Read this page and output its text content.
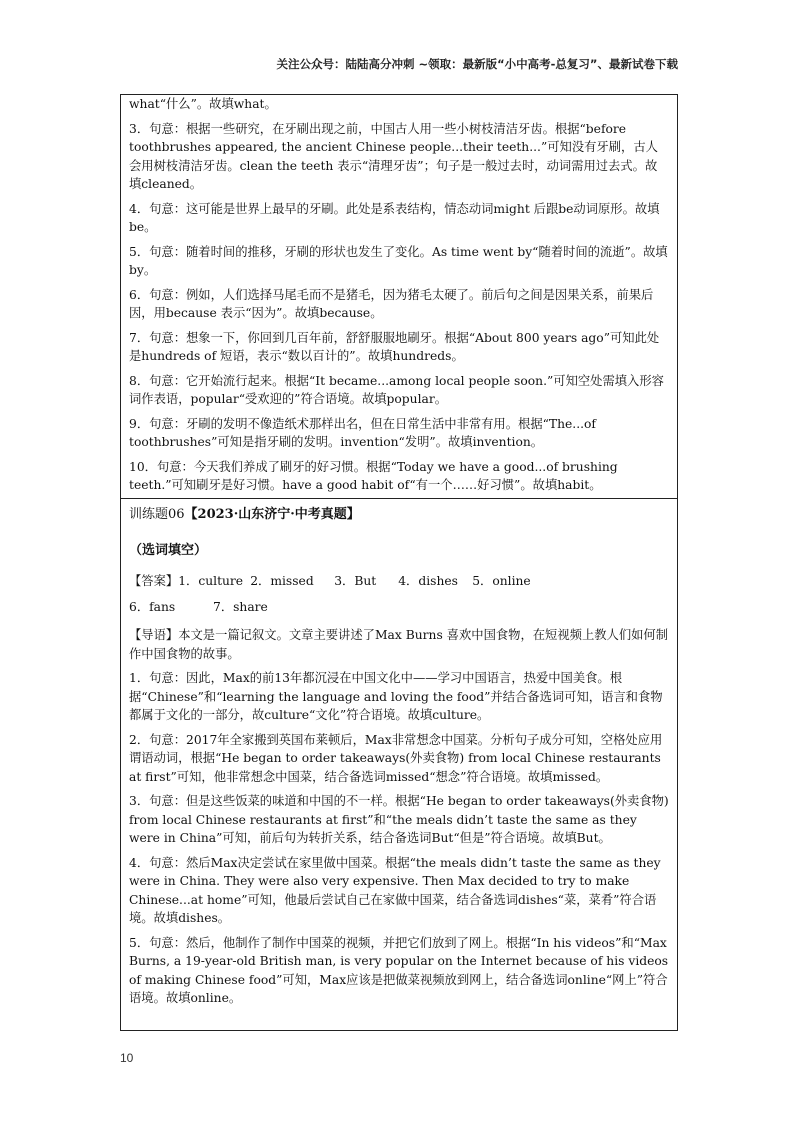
关注公众号：陆陆高分冲刺 ~领取：最新版“小中高考-总复习”、最新试卷下载

what“什么”。故填what。

3．句意：根据一些研究，在牙刷出现之前，中国古人用一些小树枝清洁牙齿。根据“before toothbrushes appeared, the ancient Chinese people...their teeth...”可知没有牙刷，古人会用树枝清洁牙齿。clean the teeth 表示“清理牙齿”；句子是一般过去时，动词需用过去式。故填cleaned。

4．句意：这可能是世界上最早的牙刷。此处是系表结构，情态动词might 后跟be动词原形。故填be。

5．句意：随着时间的推移，牙刷的形状也发生了变化。As time went by“随着时间的流逝”。故填by。

6．句意：例如，人们选择马尾毛而不是猪毛，因为猪毛太硬了。前后句之间是因果关系，前果后因，用because 表示“因为”。故填because。

7．句意：想象一下，你回到几百年前，舒舒服服地刷牙。根据“About 800 years ago”可知此处是hundreds of 短语，表示“数以百计的”。故填hundreds。

8．句意：它开始流行起来。根据“It became...among local people soon.”可知空处需填入形容词作表语，popular“受欢迎的”符合语境。故填popular。

9．句意：牙刷的发明不像造纸术那样出名，但在日常生活中非常有用。根据“The...of toothbrushes”可知是指牙刷的发明。invention“发明”。故填invention。

10．句意：今天我们养成了刷牙的好习惯。根据“Today we have a good...of brushing teeth.”可知刷牙是好习惯。have a good habit of“有一个……好习惯”。故填habit。

训练题06【2023·山东济宁·中考真题】
（选词填空）
【答案】1．culture 2．missed 3．But 4．dishes 5．online
6．fans	7．share

【导语】本文是一篇记叙文。文章主要讲述了Max Burns 喜欢中国食物，在短视频上教人们如何制作中国食物的故事。

1．句意：因此，Max的前13年都沉浸在中国文化中——学习中国语言，热爱中国美食。根据“Chinese”和“learning the language and loving the food”并结合备选词可知，语言和食物都属于文化的一部分，故culture“文化”符合语境。故填culture。

2．句意：2017年全家搬到英国布莱顿后，Max非常想念中国菜。分析句子成分可知，空格处应用谓语动词，根据“He began to order takeaways(外卖食物) from local Chinese restaurants at first”可知，他非常想念中国菜，结合备选词missed“想念”符合语境。故填missed。

3．句意：但是这些饭菜的味道和中国的不一样。根据“He began to order takeaways(外卖食物) from local Chinese restaurants at first”和“the meals didn’t taste the same as they were in China”可知，前后句为转折关系，结合备选词But“但是”符合语境。故填But。

4．句意：然后Max决定尝试在家里做中国菜。根据“the meals didn’t taste the same as they were in China. They were also very expensive. Then Max decided to try to make Chinese...at home”可知，他最后尝试自己在家做中国菜，结合备选词dishes“菜，菜肴”符合语境。故填dishes。

5．句意：然后，他制作了制作中国菜的视频，并把它们放到了网上。根据“In his videos”和“Max Burns, a 19-year-old British man, is very popular on the Internet because of his videos of making Chinese food”可知，Max应该是把做菜视频放到网上，结合备选词online“网上”符合语境。故填online。

10
